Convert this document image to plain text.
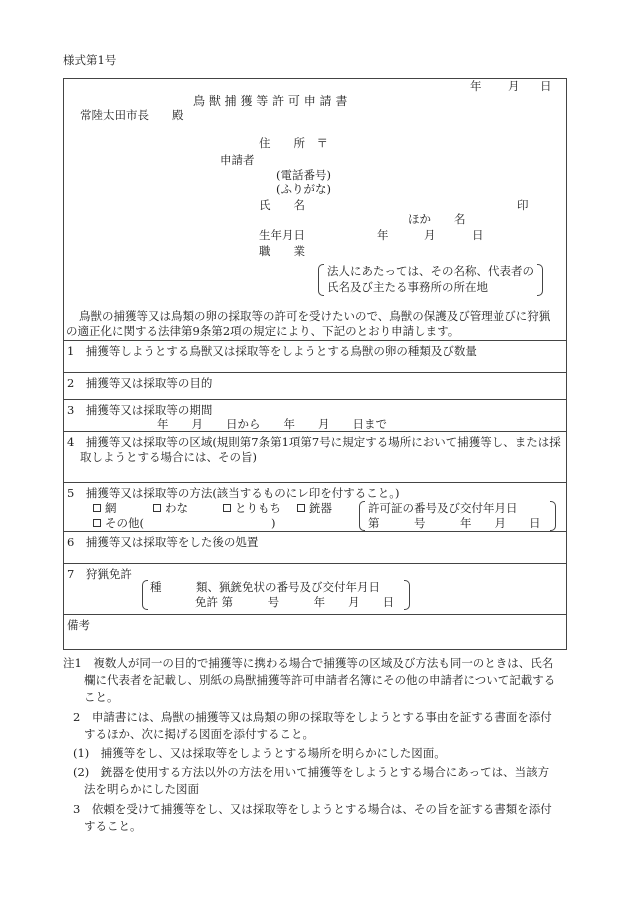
様式第1号
年 月 日
鳥 獣 捕 獲 等 許 可 申 請 書
常陸太田市長　　殿
住　　所　〒
申請者
(電話番号)
(ふりがな)
氏　　名	印
ほか　　名
生年月日	年	月	日
職　　業
法人にあたっては、その名称、代表者の
氏名及び主たる事務所の所在地
鳥獣の捕獲等又は鳥類の卵の採取等の許可を受けたいので、鳥獣の保護及び管理並びに狩猟
の適正化に関する法律第9条第2項の規定により、下記のとおり申請します。
1　捕獲等しようとする鳥獣又は採取等をしようとする鳥獣の卵の種類及び数量
2　捕獲等又は採取等の目的
3　捕獲等又は採取等の期間
年　　月　　日から　　年　　月　　日まで
4　捕獲等又は採取等の区域(規則第7条第1項第7号に規定する場所において捕獲等し、または採
取しようとする場合には、その旨)
5　捕獲等又は採取等の方法(該当するものにレ印を付すること。)
網	わな	とりもち	銃器
その他(	)
許可証の番号及び交付年月日
第　　　号　　　年　　月　　日
6　捕獲等又は採取等をした後の処置
7　狩猟免許
種　　　類、猟銃免状の番号及び交付年月日
免許 第　　　号　　　年　　月　　日
備考
注1　複数人が同一の目的で捕獲等に携わる場合で捕獲等の区域及び方法も同一のときは、氏名
欄に代表者を記載し、別紙の鳥獣捕獲等許可申請者名簿にその他の申請者について記載する
こと。
2　申請書には、鳥獣の捕獲等又は鳥類の卵の採取等をしようとする事由を証する書面を添付
するほか、次に掲げる図面を添付すること。
(1)　捕獲等をし、又は採取等をしようとする場所を明らかにした図面。
(2)　銃器を使用する方法以外の方法を用いて捕獲等をしようとする場合にあっては、当該方
法を明らかにした図面
3　依頼を受けて捕獲等をし、又は採取等をしようとする場合は、その旨を証する書類を添付
すること。
